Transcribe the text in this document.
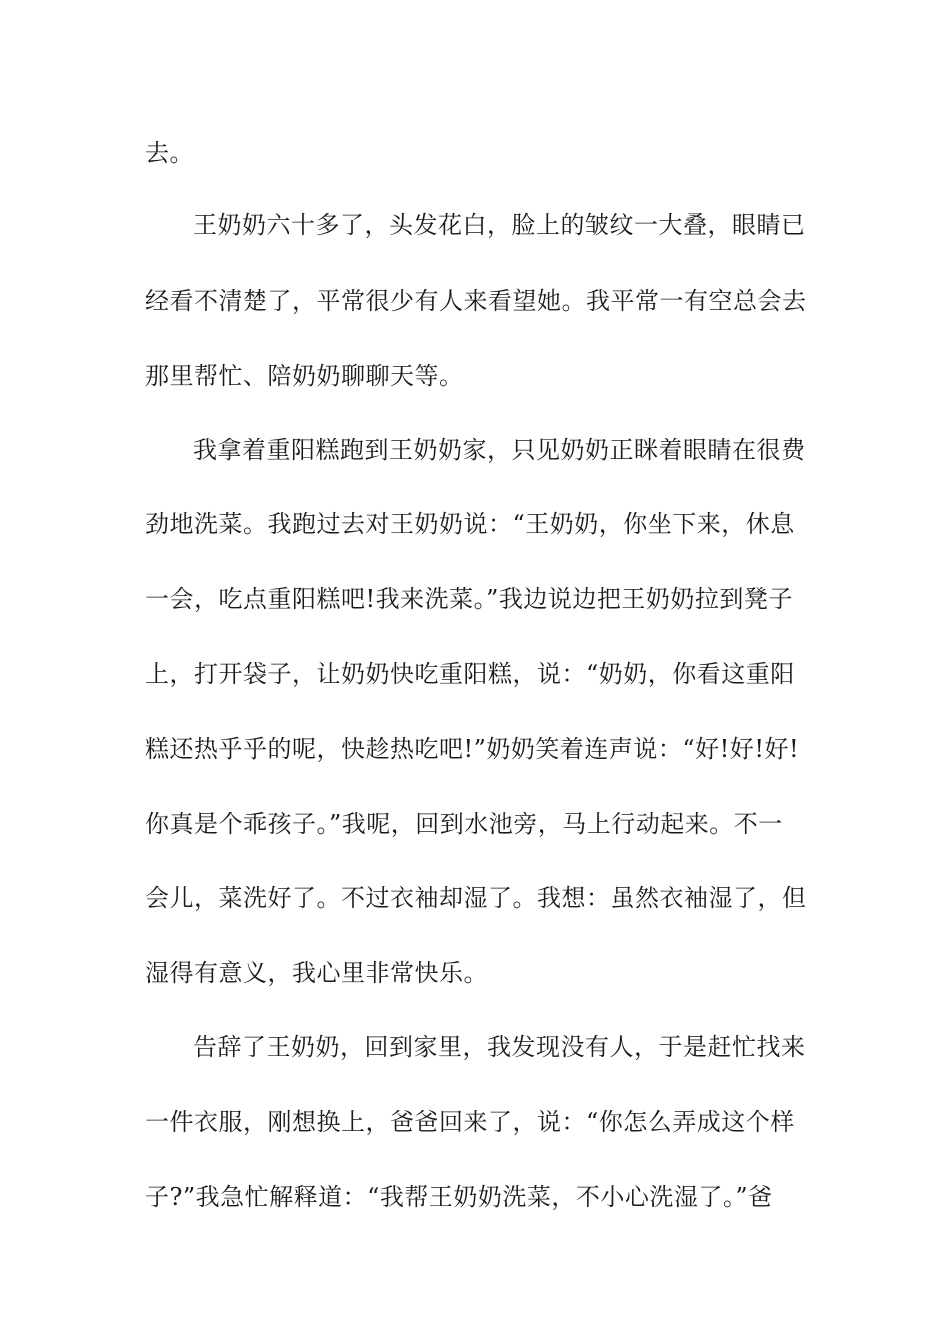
去。
王奶奶六十多了，头发花白，脸上的皱纹一大叠，眼睛已
经看不清楚了，平常很少有人来看望她。我平常一有空总会去
那里帮忙、陪奶奶聊聊天等。
我拿着重阳糕跑到王奶奶家，只见奶奶正眯着眼睛在很费
劲地洗菜。我跑过去对王奶奶说：“王奶奶，你坐下来，休息
一会，吃点重阳糕吧!我来洗菜。”我边说边把王奶奶拉到凳子
上，打开袋子，让奶奶快吃重阳糕，说：“奶奶，你看这重阳
糕还热乎乎的呢，快趁热吃吧!”奶奶笑着连声说：“好!好!好!
你真是个乖孩子。”我呢，回到水池旁，马上行动起来。不一
会儿，菜洗好了。不过衣袖却湿了。我想：虽然衣袖湿了，但
湿得有意义，我心里非常快乐。
告辞了王奶奶，回到家里，我发现没有人，于是赶忙找来
一件衣服，刚想换上，爸爸回来了，说：“你怎么弄成这个样
子?”我急忙解释道：“我帮王奶奶洗菜，不小心洗湿了。”爸
